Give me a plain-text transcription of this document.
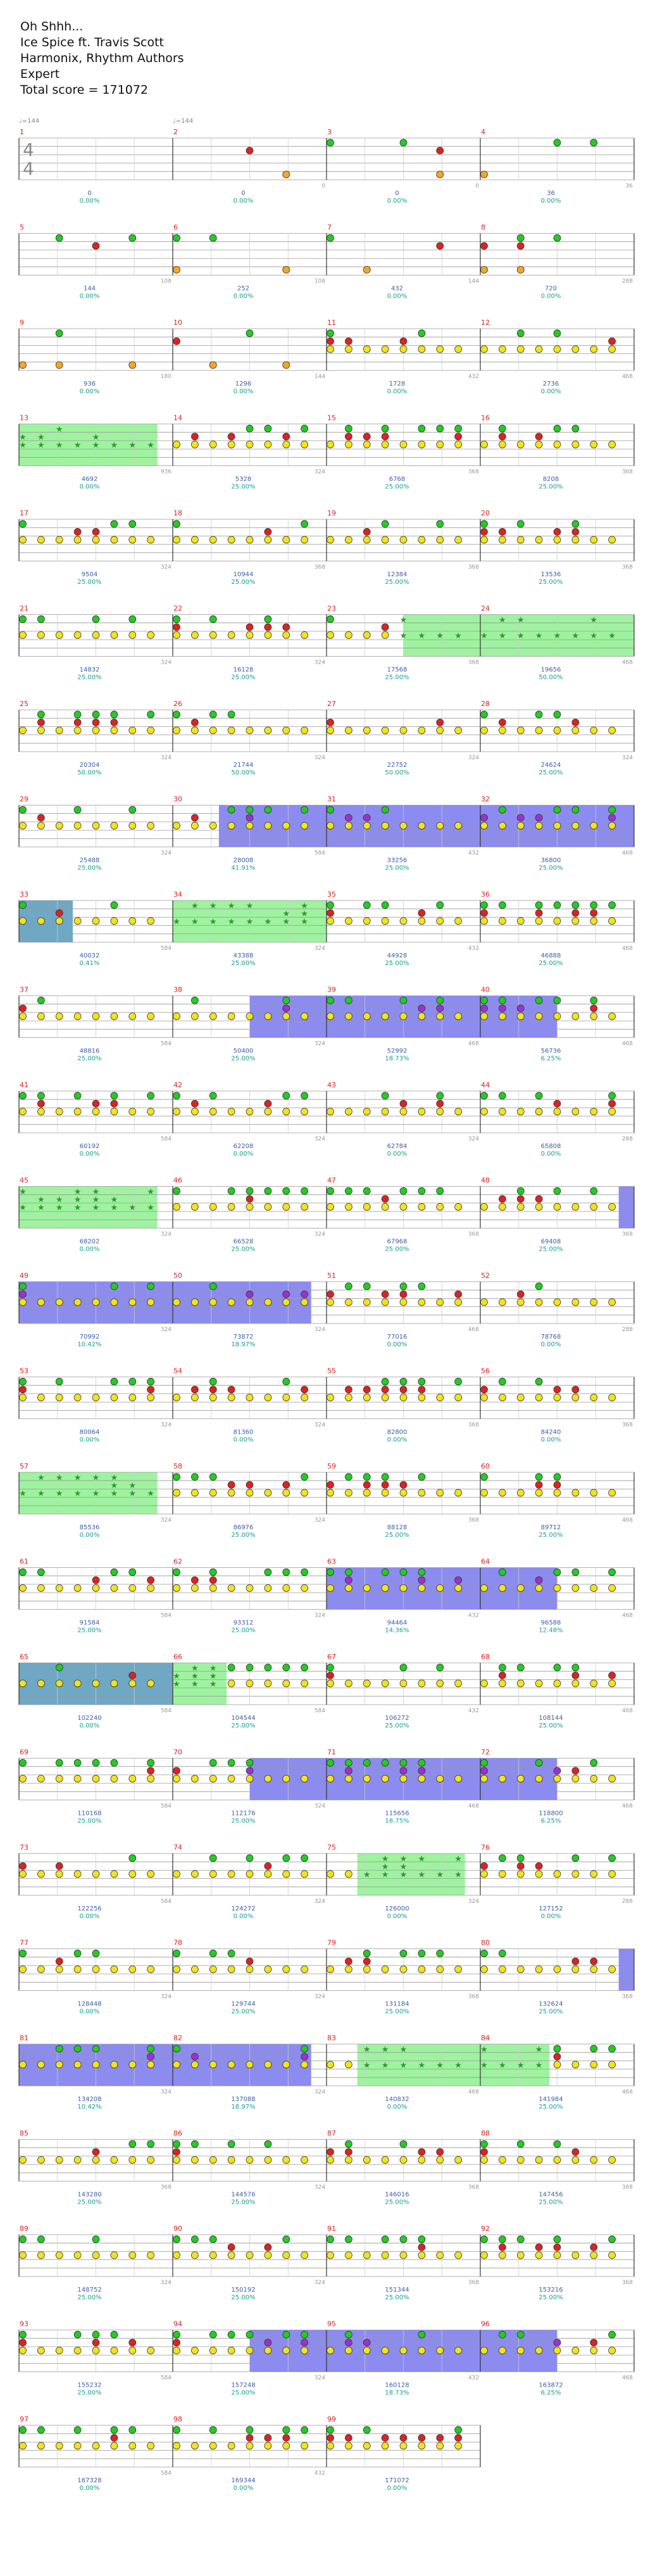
Oh Shhh...
Ice Spice ft. Travis Scott
Harmonix, Rhythm Authors
Expert
Total score = 171072
1
4
4
0
0.00%
2
0
0
0.00%
3
0
0
0.00%
4
36
36
0.00%
5
108
144
0.00%
6
108
252
0.00%
7
144
432
0.00%
8
288
720
0.00%
9
180
936
0.00%
10
144
1296
0.00%
11
432
1728
0.00%
12
468
2736
0.00%
13
★
★
★
★
★
★
★ ★
★
★ ★ ★
936
4692
0.00%
14
324
5328
25.00%
15
368
6768
25.00%
16
368
8208
25.00%
17
324
9504
25.00%
18
368
10944
25.00%
19
368
12384
25.00%
20
368
13536
25.00%
21
324
14832
25.00%
22
324
16128
25.00%
23
★
★
★ ★ ★
368
17568
25.00%
24
★ ★
★
★
★
★ ★ ★ ★
★
★
468
19656
50.00%
25
324
20304
50.00%
26
324
21744
50.00%
27
324
22752
50.00%
28
324
24624
25.00%
29
324
25488
25.00%
30
584
28008
41.91%
31
432
33256
25.00%
32
468
36800
25.00%
33
584
40032
0.41%
34
★ ★
★
★
★
★
★
★
★
★ ★
★
★
★
★
324
43388
25.00%
35
432
44928
25.00%
36
468
46888
25.00%
37
584
48816
25.00%
38
324
50400
25.00%
39
468
52992
18.73%
40
468
56736
6.25%
41
584
60192
0.00%
42
324
62208
0.00%
43
324
62784
0.00%
44
288
65808
0.00%
45
★
★
★
★
★
★
★
★
★
★
★
★
★
★
★ ★
★
324
68202
0.00%
46
324
66528
25.00%
47
368
67968
25.00%
48
368
69408
25.00%
49
324
70992
10.42%
50
324
73872
18.97%
51
468
77016
0.00%
52
288
78768
0.00%
53
324
80064
0.00%
54
324
81360
0.00%
55
368
82800
0.00%
56
368
84240
0.00%
57
★ ★
★
★
★
★
★
★
★
★
★
★
★
★
★
324
85536
0.00%
58
324
86976
25.00%
59
368
88128
25.00%
60
468
89712
25.00%
61
584
91584
25.00%
62
324
93312
25.00%
63
432
94464
14.36%
64
468
96588
12.48%
65
584
102240
0.00%
66
★
★
★
★
★
★
★
★
584
104544
25.00%
67
432
106272
25.00%
68
468
108144
25.00%
69
584
110168
25.00%
70
324
112176
25.00%
71
468
115656
18.75%
72
468
118800
6.25%
73
584
122256
0.00%
74
324
124272
0.00%
75
★ ★
★
★
★
★
★
★
★
★ ★
★
324
126000
0.00%
76
288
127152
0.00%
77
324
128448
0.00%
78
324
129744
25.00%
79
368
131184
25.00%
80
368
132624
25.00%
81
324
134208
10.42%
82
324
137088
18.97%
83
★
★
★
★
★
★
★ ★ ★
468
140832
0.00%
84
★
★
★ ★ ★
★
468
141984
25.00%
85
368
143280
25.00%
86
324
144576
25.00%
87
368
146016
25.00%
88
368
147456
25.00%
89
324
148752
25.00%
90
324
150192
25.00%
91
368
151344
25.00%
92
368
153216
25.00%
93
584
155232
25.00%
94
324
157248
25.00%
95
432
160128
18.73%
96
468
163872
6.25%
97
584
167328
0.00%
98
432
169344
0.00%
99
171072
0.00%
♩=144	♩=144
